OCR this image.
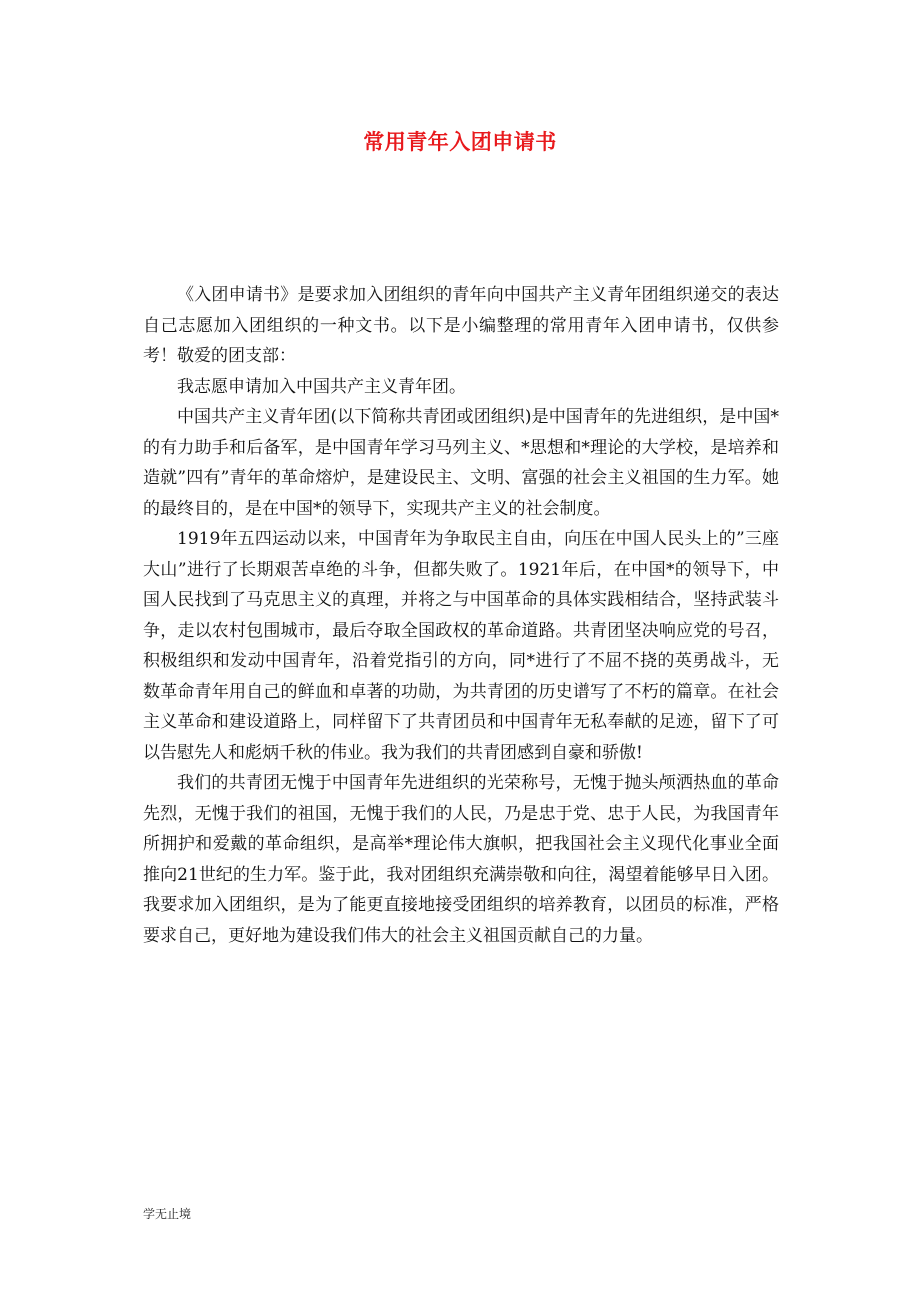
常用青年入团申请书

《入团申请书》是要求加入团组织的青年向中国共产主义青年团组织递交的表达自己志愿加入团组织的一种文书。以下是小编整理的常用青年入团申请书，仅供参考！敬爱的团支部：

我志愿申请加入中国共产主义青年团。

中国共产主义青年团(以下简称共青团或团组织)是中国青年的先进组织，是中国*的有力助手和后备军，是中国青年学习马列主义、*思想和*理论的大学校，是培养和造就”四有”青年的革命熔炉，是建设民主、文明、富强的社会主义祖国的生力军。她的最终目的，是在中国*的领导下，实现共产主义的社会制度。

1919年五四运动以来，中国青年为争取民主自由，向压在中国人民头上的”三座大山”进行了长期艰苦卓绝的斗争，但都失败了。1921年后，在中国*的领导下，中国人民找到了马克思主义的真理，并将之与中国革命的具体实践相结合，坚持武装斗争，走以农村包围城市，最后夺取全国政权的革命道路。共青团坚决响应党的号召，积极组织和发动中国青年，沿着党指引的方向，同*进行了不屈不挠的英勇战斗，无数革命青年用自己的鲜血和卓著的功勋，为共青团的历史谱写了不朽的篇章。在社会主义革命和建设道路上，同样留下了共青团员和中国青年无私奉献的足迹，留下了可以告慰先人和彪炳千秋的伟业。我为我们的共青团感到自豪和骄傲!

我们的共青团无愧于中国青年先进组织的光荣称号，无愧于抛头颅洒热血的革命先烈，无愧于我们的祖国，无愧于我们的人民，乃是忠于党、忠于人民，为我国青年所拥护和爱戴的革命组织，是高举*理论伟大旗帜，把我国社会主义现代化事业全面推向21世纪的生力军。鉴于此，我对团组织充满崇敬和向往，渴望着能够早日入团。我要求加入团组织，是为了能更直接地接受团组织的培养教育，以团员的标准，严格要求自己，更好地为建设我们伟大的社会主义祖国贡献自己的力量。

学无止境
